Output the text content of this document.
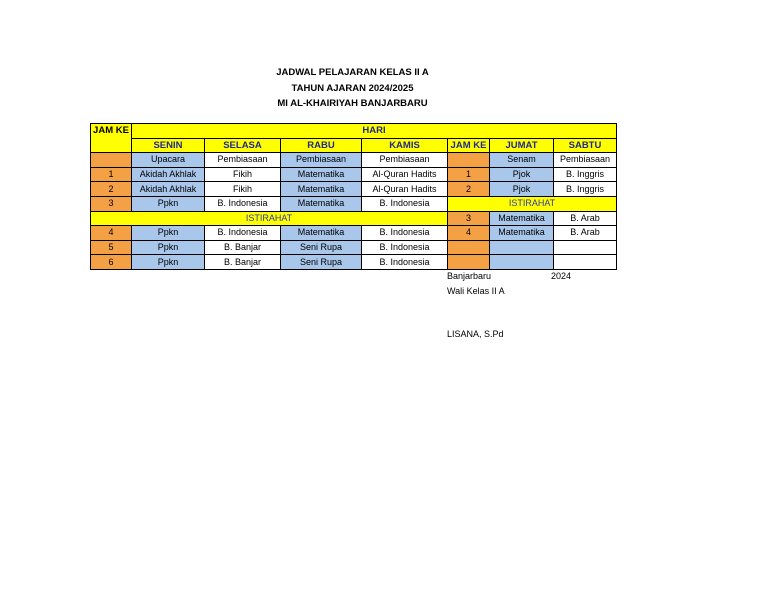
JADWAL PELAJARAN KELAS II A
TAHUN AJARAN 2024/2025
MI AL-KHAIRIYAH BANJARBARU
JAM KE	HARI						
	SENIN	SELASA	RABU	KAMIS	JAM KE	JUMAT	SABTU
	Upacara	Pembiasaan	Pembiasaan	Pembiasaan		Senam	Pembiasaan
1	Akidah Akhlak	Fikih	Matematika	Al-Quran Hadits	1	Pjok	B. Inggris
2	Akidah Akhlak	Fikih	Matematika	Al-Quran Hadits	2	Pjok	B. Inggris
3	Ppkn	B. Indonesia	Matematika	B. Indonesia	ISTIRAHAT		
ISTIRAHAT					3	Matematika	B. Arab
4	Ppkn	B. Indonesia	Matematika	B. Indonesia	4	Matematika	B. Arab
5	Ppkn	B. Banjar	Seni Rupa	B. Indonesia			
6	Ppkn	B. Banjar	Seni Rupa	B. Indonesia			
Banjarbaru	2024
Wali Kelas II A
LISANA, S.Pd
